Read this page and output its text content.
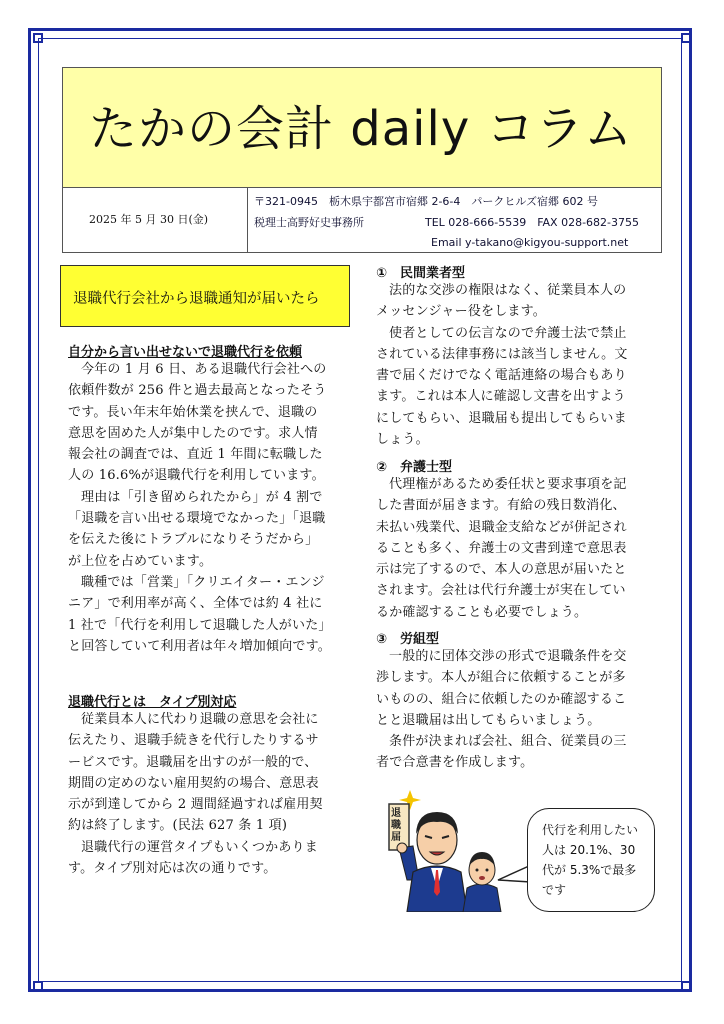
たかの会計 daily コラム
2025 年 5 月 30 日(金)
〒321-0945　栃木県宇都宮市宿郷 2-6-4　パークヒルズ宿郷 602 号
税理士高野好史事務所	TEL 028-666-5539　FAX 028-682-3755
Email y-takano@kigyou-support.net
退職代行会社から退職通知が届いたら
自分から言い出せないで退職代行を依頼

今年の 1 月 6 日、ある退職代行会社への

依頼件数が 256 件と過去最高となったそう

です。長い年末年始休業を挟んで、退職の

意思を固めた人が集中したのです。求人情

報会社の調査では、直近 1 年間に転職した

人の 16.6%が退職代行を利用しています。

理由は「引き留められたから」が 4 割で

「退職を言い出せる環境でなかった」「退職

を伝えた後にトラブルになりそうだから」

が上位を占めています。

職種では「営業」「クリエイター・エンジ

ニア」で利用率が高く、全体では約 4 社に

1 社で「代行を利用して退職した人がいた」

と回答していて利用者は年々増加傾向です。

退職代行とは　タイプ別対応

従業員本人に代わり退職の意思を会社に

伝えたり、退職手続きを代行したりするサ

ービスです。退職届を出すのが一般的で、

期間の定めのない雇用契約の場合、意思表

示が到達してから 2 週間経過すれば雇用契

約は終了します。(民法 627 条 1 項)

退職代行の運営タイプもいくつかありま

す。タイプ別対応は次の通りです。

①　民間業者型

法的な交渉の権限はなく、従業員本人の

メッセンジャー役をします。

使者としての伝言なので弁護士法で禁止

されている法律事務には該当しません。文

書で届くだけでなく電話連絡の場合もあり

ます。これは本人に確認し文書を出すよう

にしてもらい、退職届も提出してもらいま

しょう。

②　弁護士型

代理権があるため委任状と要求事項を記

した書面が届きます。有給の残日数消化、

未払い残業代、退職金支給などが併記され

ることも多く、弁護士の文書到達で意思表

示は完了するので、本人の意思が届いたと

されます。会社は代行弁護士が実在してい

るか確認することも必要でしょう。

③　労組型

一般的に団体交渉の形式で退職条件を交

渉します。本人が組合に依頼することが多

いものの、組合に依頼したのか確認するこ

とと退職届は出してもらいましょう。

条件が決まれば会社、組合、従業員の三

者で合意書を作成します。

代行を利用したい
人は 20.1%、30
代が 5.3%で最多
です
退職届
